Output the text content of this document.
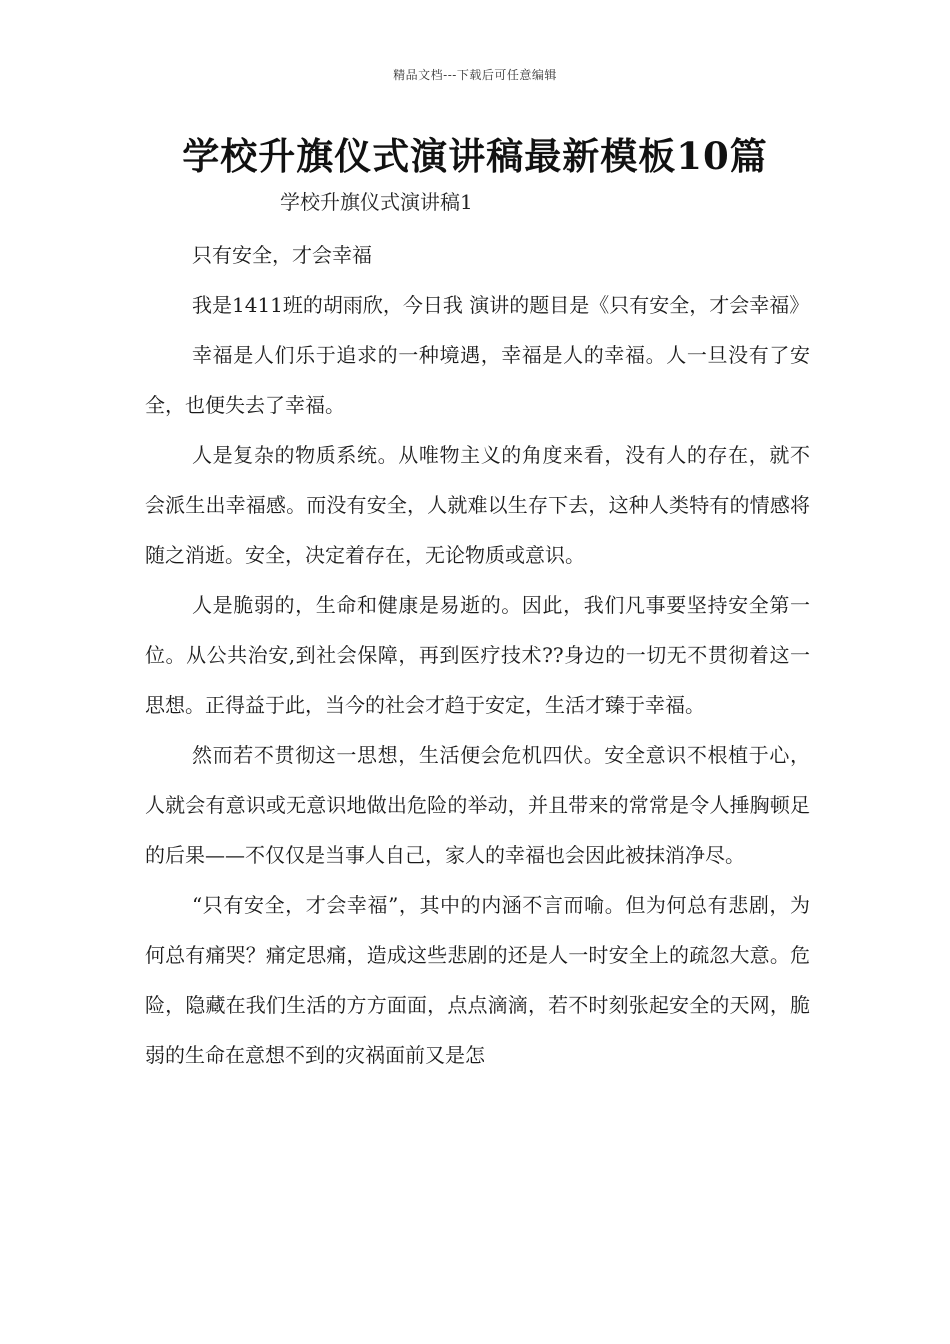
精品文档---下载后可任意编辑
学校升旗仪式演讲稿最新模板10篇
学校升旗仪式演讲稿1

只有安全，才会幸福

我是1411班的胡雨欣，今日我 演讲的题目是《只有安全，才会幸福》

幸福是人们乐于追求的一种境遇，幸福是人的幸福。人一旦没有了安全，也便失去了幸福。

人是复杂的物质系统。从唯物主义的角度来看，没有人的存在，就不会派生出幸福感。而没有安全，人就难以生存下去，这种人类特有的情感将随之消逝。安全，决定着存在，无论物质或意识。

人是脆弱的，生命和健康是易逝的。因此，我们凡事要坚持安全第一位。从公共治安,到社会保障，再到医疗技术??身边的一切无不贯彻着这一思想。正得益于此，当今的社会才趋于安定，生活才臻于幸福。

然而若不贯彻这一思想，生活便会危机四伏。安全意识不根植于心，人就会有意识或无意识地做出危险的举动，并且带来的常常是令人捶胸顿足的后果——不仅仅是当事人自己，家人的幸福也会因此被抹消净尽。

“只有安全，才会幸福”，其中的内涵不言而喻。但为何总有悲剧，为何总有痛哭？痛定思痛，造成这些悲剧的还是人一时安全上的疏忽大意。危险，隐藏在我们生活的方方面面，点点滴滴，若不时刻张起安全的天网，脆弱的生命在意想不到的灾祸面前又是怎
